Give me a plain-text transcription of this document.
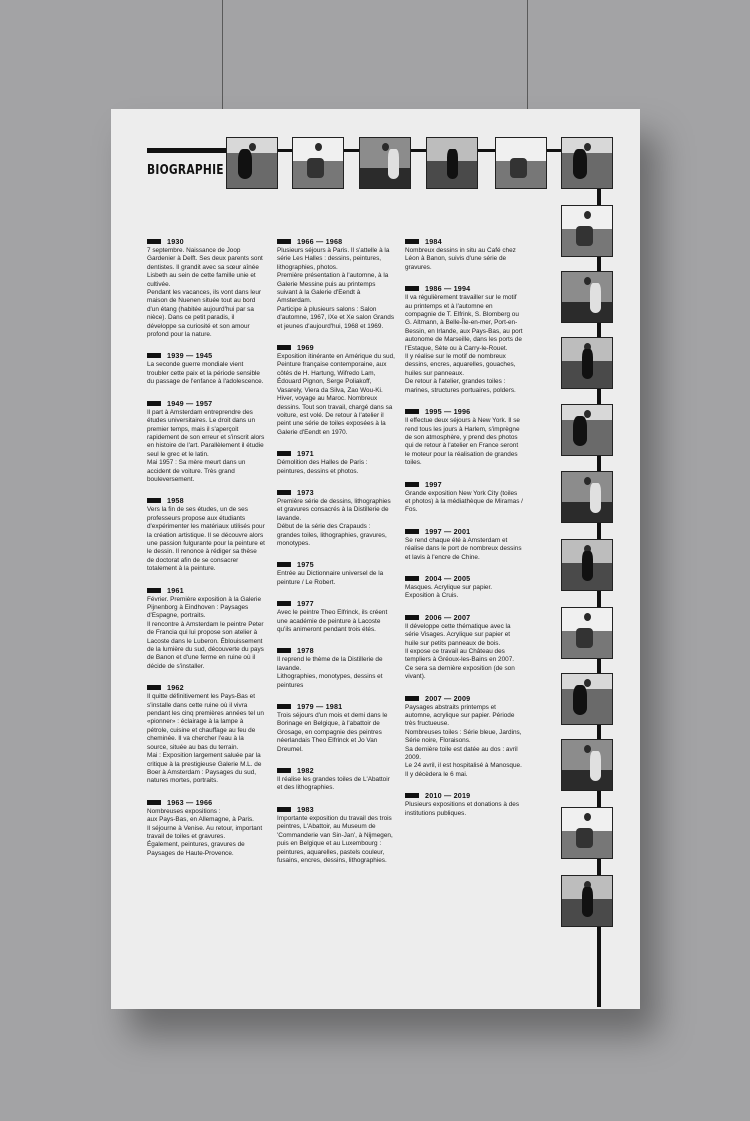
BIOGRAPHIE
1930

7 septembre. Naissance de Joop Gardenier à Delft. Ses deux parents sont dentistes. Il grandit avec sa sœur aînée Lisbeth au sein de cette famille unie et cultivée.
Pendant les vacances, ils vont dans leur maison de Nuenen située tout au bord d'un étang (habitée aujourd'hui par sa nièce). Dans ce petit paradis, il développe sa curiosité et son amour profond pour la nature.

1939 — 1945

La seconde guerre mondiale vient troubler cette paix et la période sensible du passage de l'enfance à l'adolescence.

1949 — 1957

Il part à Amsterdam entreprendre des études universitaires. Le droit dans un premier temps, mais il s'aperçoit rapidement de son erreur et s'inscrit alors en histoire de l'art. Parallèlement il étudie seul le grec et le latin.
Mai 1957 : Sa mère meurt dans un accident de voiture. Très grand bouleversement.

1958

Vers la fin de ses études, un de ses professeurs propose aux étudiants d'expérimenter les matériaux utilisés pour la création artistique. Il se découvre alors une passion fulgurante pour la peinture et le dessin. Il renonce à rédiger sa thèse de doctorat afin de se consacrer totalement à la peinture.

1961

Février. Première exposition à la Galerie Pijnenborg à Eindhoven : Paysages d'Espagne, portraits.
Il rencontre à Amsterdam le peintre Peter de Francia qui lui propose son atelier à Lacoste dans le Luberon. Éblouissement de la lumière du sud, découverte du pays de Banon et d'une ferme en ruine où il décide de s'installer.

1962

Il quitte définitivement les Pays-Bas et s'installe dans cette ruine où il vivra pendant les cinq premières années tel un «pionner» : éclairage à la lampe à pétrole, cuisine et chauffage au feu de cheminée. Il va chercher l'eau à la source, située au bas du terrain.
Mai : Exposition largement saluée par la critique à la prestigieuse Galerie M.L. de Boer à Amsterdam : Paysages du sud, natures mortes, portraits.

1963 — 1966

Nombreuses expositions :
aux Pays-Bas, en Allemagne, à Paris.
Il séjourne à Venise. Au retour, important travail de toiles et gravures.
Également, peintures, gravures de Paysages de Haute-Provence.

1966 — 1968

Plusieurs séjours à Paris. Il s'attelle à la série Les Halles : dessins, peintures, lithographies, photos.
Première présentation à l'automne, à la Galerie Messine puis au printemps suivant à la Galerie d'Eendt à Amsterdam.
Participe à plusieurs salons : Salon d'automne, 1967, IXe et Xe salon Grands et jeunes d'aujourd'hui, 1968 et 1969.

1969

Exposition itinérante en Amérique du sud, Peinture française contemporaine, aux côtés de H. Hartung, Wifredo Lam, Édouard Pignon, Serge Poliakoff, Vasarely, Viera da Silva, Zao Wou-Ki.
Hiver, voyage au Maroc. Nombreux dessins. Tout son travail, chargé dans sa voiture, est volé. De retour à l'atelier il peint une série de toiles exposées à la Galerie d'Eendt en 1970.

1971

Démolition des Halles de Paris : peintures, dessins et photos.

1973

Première série de dessins, lithographies et gravures consacrés à la Distillerie de lavande.
Début de la série des Crapauds : grandes toiles, lithographies, gravures, monotypes.

1975

Entrée au Dictionnaire universel de la peinture / Le Robert.

1977

Avec le peintre Theo Elfrinck, ils créent une académie de peinture à Lacoste qu'ils animeront pendant trois étés.

1978

Il reprend le thème de la Distillerie de lavande.
Lithographies, monotypes, dessins et peintures

1979 — 1981

Trois séjours d'un mois et demi dans le Borinage en Belgique, à l'abattoir de Grosage, en compagnie des peintres néerlandais Theo Elfrinck et Jo Van Dreumel.

1982

Il réalise les grandes toiles de L'Abattoir et des lithographies.

1983

Importante exposition du travail des trois peintres, L'Abattoir, au Museum de 'Commanderie van Sin-Jan', à Nijmegen, puis en Belgique et au Luxembourg : peintures, aquarelles, pastels couleur, fusains, encres, dessins, lithographies.

1984

Nombreux dessins in situ au Café chez Léon à Banon, suivis d'une série de gravures.

1986 — 1994

Il va régulièrement travailler sur le motif au printemps et à l'automne en compagnie de T. Elfrink, S. Blomberg ou G. Altmann, à Belle-Île-en-mer, Port-en-Bessin, en Irlande, aux Pays-Bas, au port autonome de Marseille, dans les ports de l'Estaque, Sète ou à Carry-le-Rouet.
Il y réalise sur le motif de nombreux dessins, encres, aquarelles, gouaches, huiles sur panneaux.
De retour à l'atelier, grandes toiles : marines, structures portuaires, polders.

1995 — 1996

Il effectue deux séjours à New York. Il se rend tous les jours à Harlem, s'imprègne de son atmosphère, y prend des photos qui de retour à l'atelier en France seront le moteur pour la réalisation de grandes toiles.

1997

Grande exposition New York City (toiles et photos) à la médiathèque de Miramas / Fos.

1997 — 2001

Se rend chaque été à Amsterdam et réalise dans le port de nombreux dessins et lavis à l'encre de Chine.

2004 — 2005

Masques. Acrylique sur papier. Exposition à Cruis.

2006 — 2007

Il développe cette thématique avec la série Visages. Acrylique sur papier et huile sur petits panneaux de bois.
Il expose ce travail au Château des templiers à Gréoux-les-Bains en 2007.
Ce sera sa dernière exposition (de son vivant).

2007 — 2009

Paysages abstraits printemps et automne, acrylique sur papier. Période très fructueuse.
Nombreuses toiles : Série bleue, Jardins, Série noire, Floraisons.
Sa dernière toile est datée au dos : avril 2009.
Le 24 avril, il est hospitalisé à Manosque. Il y décèdera le 6 mai.

2010 — 2019

Plusieurs expositions et donations à des institutions publiques.
